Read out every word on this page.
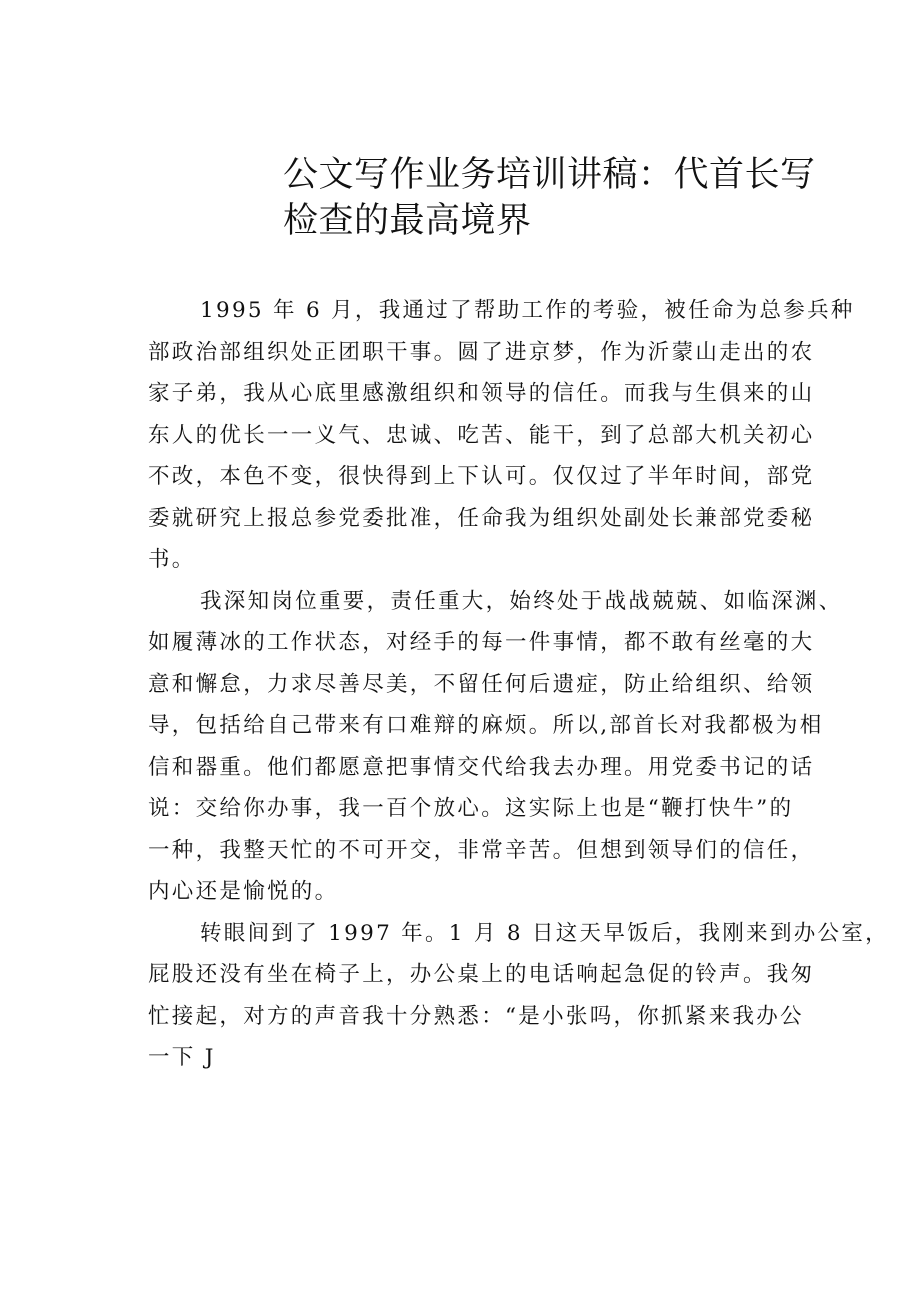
公文写作业务培训讲稿：代首长写
检查的最高境界
1995 年 6 月，我通过了帮助工作的考验，被任命为总参兵种
部政治部组织处正团职干事。圆了进京梦，作为沂蒙山走出的农
家子弟，我从心底里感激组织和领导的信任。而我与生俱来的山
东人的优长一一义气、忠诚、吃苦、能干，到了总部大机关初心
不改，本色不变，很快得到上下认可。仅仅过了半年时间，部党
委就研究上报总参党委批准，任命我为组织处副处长兼部党委秘
书。
我深知岗位重要，责任重大，始终处于战战兢兢、如临深渊、
如履薄冰的工作状态，对经手的每一件事情，都不敢有丝毫的大
意和懈怠，力求尽善尽美，不留任何后遗症，防止给组织、给领
导，包括给自己带来有口难辩的麻烦。所以,部首长对我都极为相
信和器重。他们都愿意把事情交代给我去办理。用党委书记的话
说：交给你办事，我一百个放心。这实际上也是“鞭打快牛”的
一种，我整天忙的不可开交，非常辛苦。但想到领导们的信任，
内心还是愉悦的。
转眼间到了 1997 年。1 月 8 日这天早饭后，我刚来到办公室，
屁股还没有坐在椅子上，办公桌上的电话响起急促的铃声。我匆
忙接起，对方的声音我十分熟悉：“是小张吗，你抓紧来我办公
一下 J
